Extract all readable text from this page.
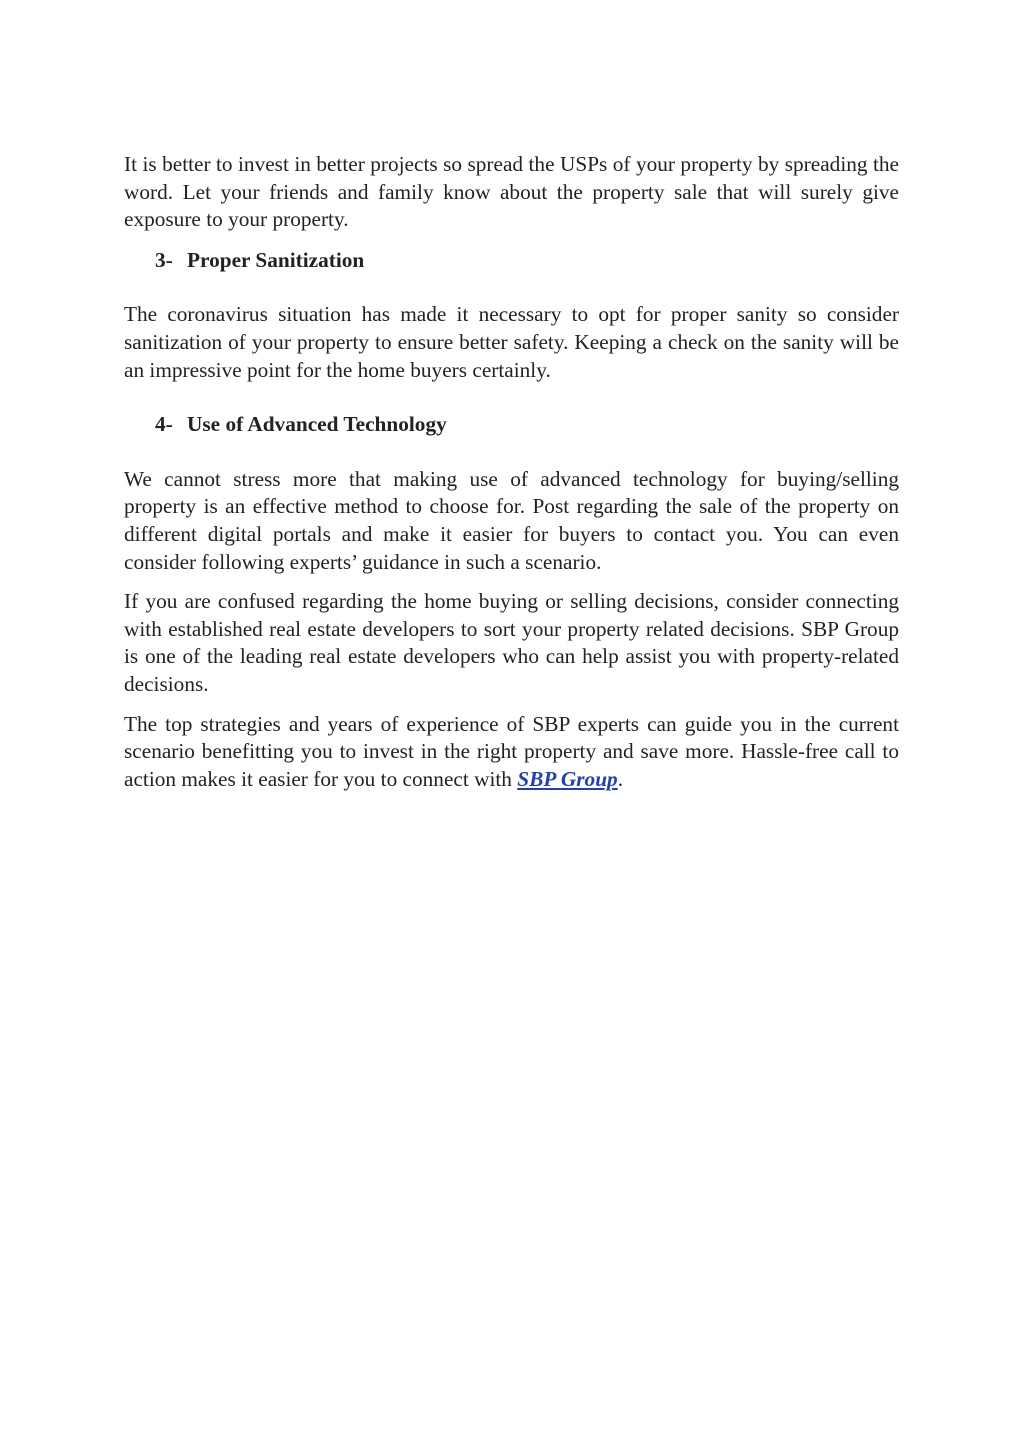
It is better to invest in better projects so spread the USPs of your property by spreading the word. Let your friends and family know about the property sale that will surely give exposure to your property.

3- Proper Sanitization

The coronavirus situation has made it necessary to opt for proper sanity so consider sanitization of your property to ensure better safety. Keeping a check on the sanity will be an impressive point for the home buyers certainly.

4- Use of Advanced Technology

We cannot stress more that making use of advanced technology for buying/selling property is an effective method to choose for. Post regarding the sale of the property on different digital portals and make it easier for buyers to contact you. You can even consider following experts’ guidance in such a scenario.

If you are confused regarding the home buying or selling decisions, consider connecting with established real estate developers to sort your property related decisions. SBP Group is one of the leading real estate developers who can help assist you with property-related decisions.

The top strategies and years of experience of SBP experts can guide you in the current scenario benefitting you to invest in the right property and save more. Hassle-free call to action makes it easier for you to connect with SBP Group.
